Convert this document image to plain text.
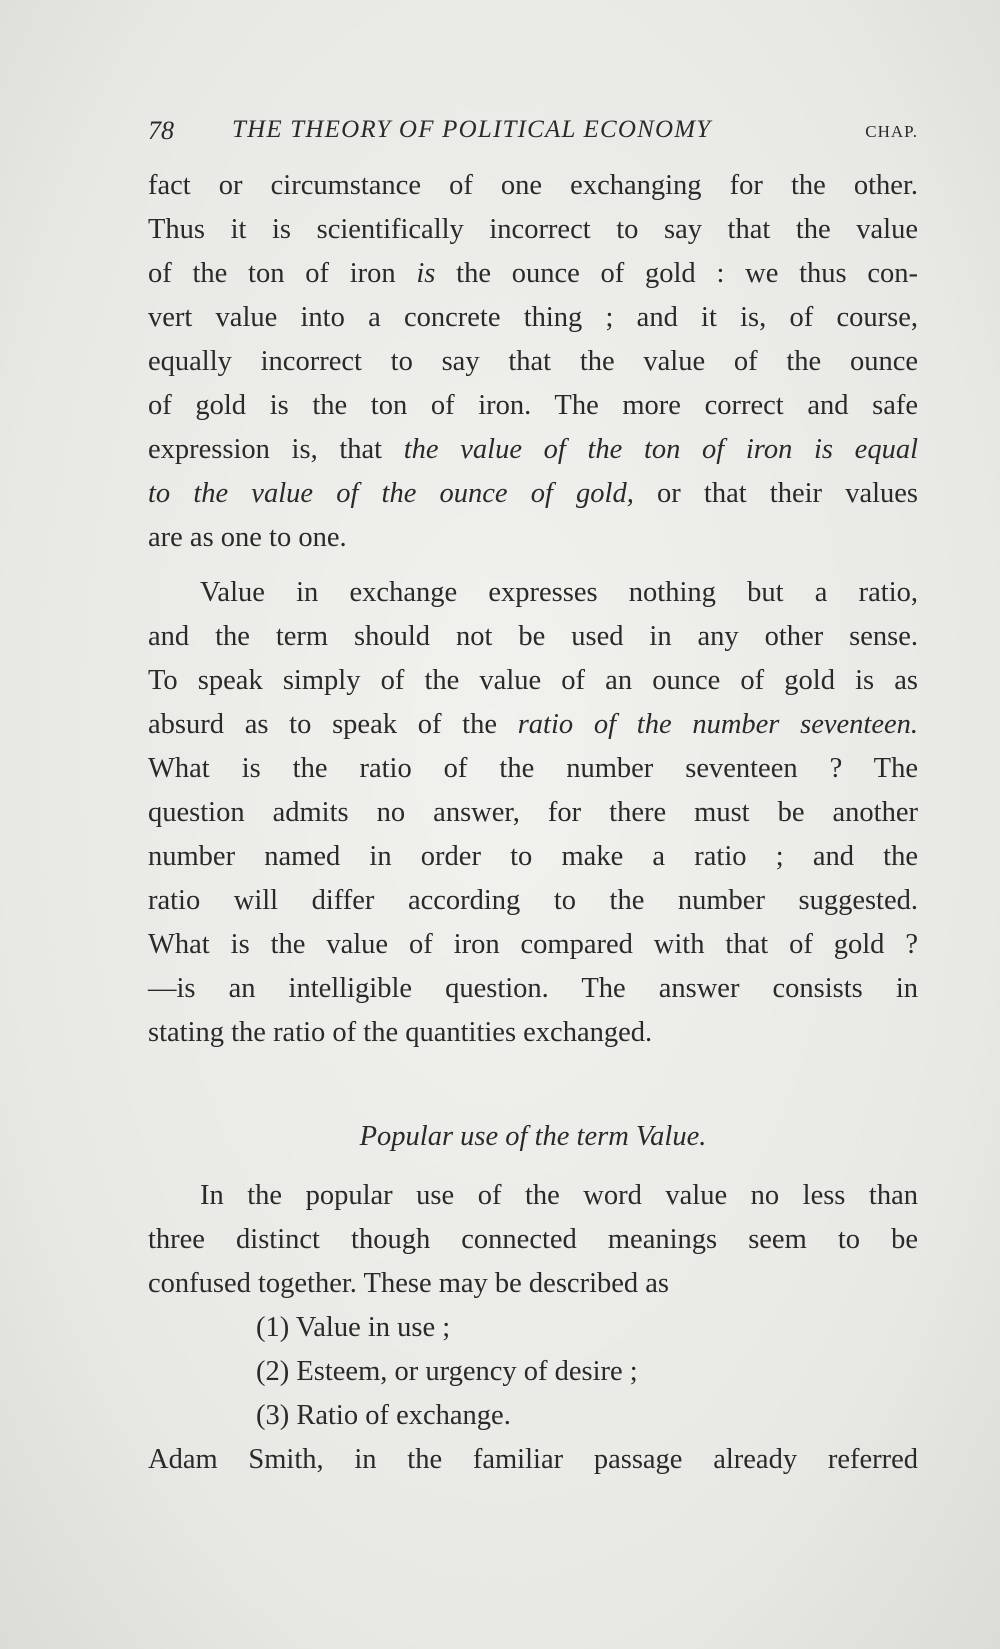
78 THE THEORY OF POLITICAL ECONOMY	CHAP.
fact or circumstance of one exchanging for the other.
Thus it is scientifically incorrect to say that the value
of the ton of iron is the ounce of gold : we thus con-
vert value into a concrete thing ; and it is, of course,
equally incorrect to say that the value of the ounce
of gold is the ton of iron. The more correct and safe
expression is, that the value of the ton of iron is equal
to the value of the ounce of gold, or that their values
are as one to one.
Value in exchange expresses nothing but a ratio,
and the term should not be used in any other sense.
To speak simply of the value of an ounce of gold is as
absurd as to speak of the ratio of the number seventeen.
What is the ratio of the number seventeen ? The
question admits no answer, for there must be another
number named in order to make a ratio ; and the
ratio will differ according to the number suggested.
What is the value of iron compared with that of gold ?
—is an intelligible question. The answer consists in
stating the ratio of the quantities exchanged.
Popular use of the term Value.
In the popular use of the word value no less than
three distinct though connected meanings seem to be
confused together. These may be described as
(1) Value in use ;
(2) Esteem, or urgency of desire ;
(3) Ratio of exchange.
Adam Smith, in the familiar passage already referred
